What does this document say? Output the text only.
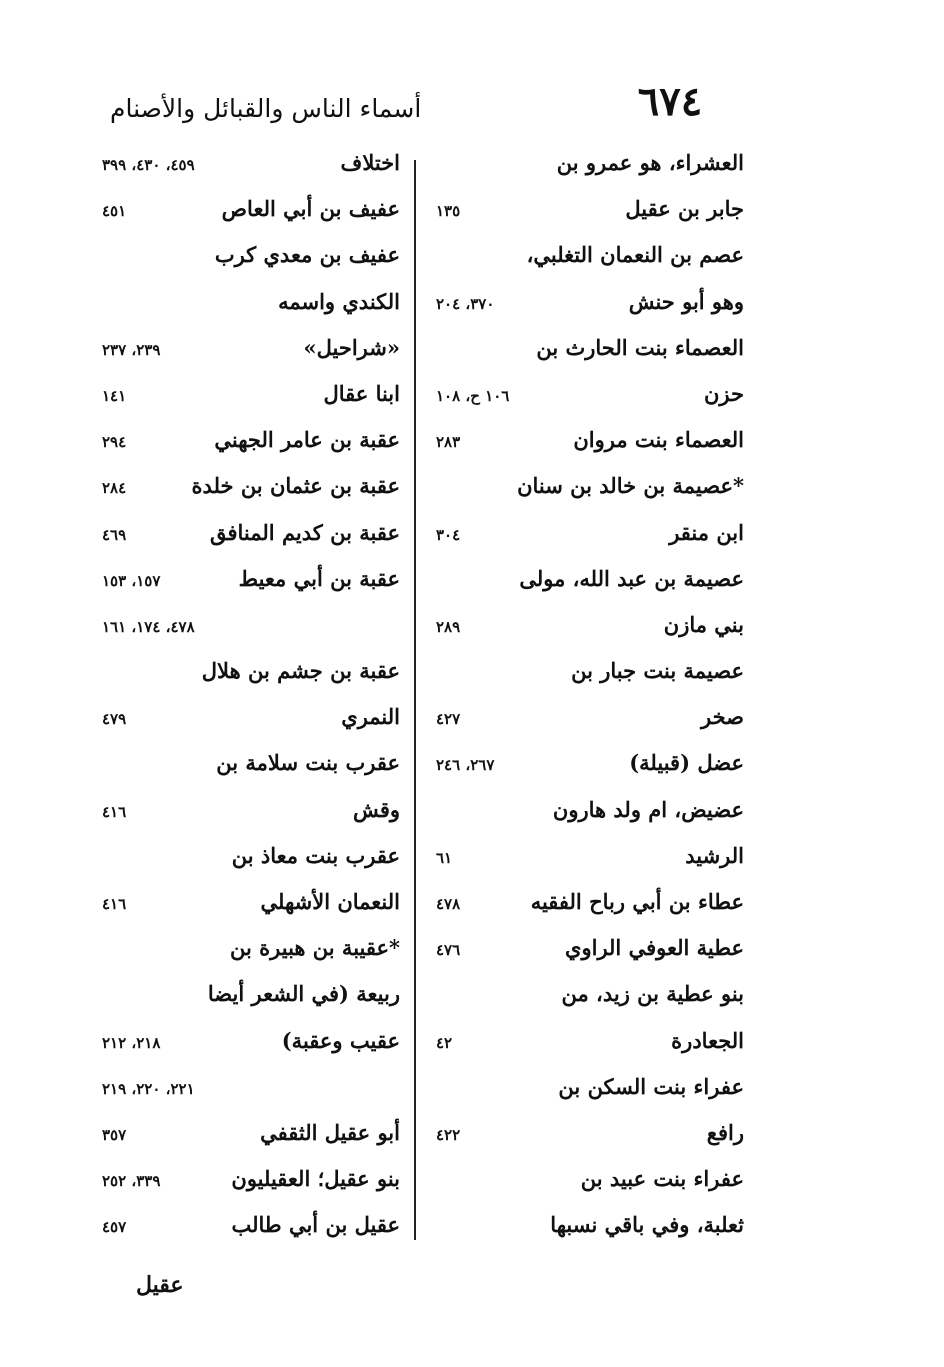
٦٧٤
أسماء الناس والقبائل والأصنام
العشراء، هو عمرو بن
جابر بن عقيل
١٣٥
عصم بن النعمان التغلبي،
وهو أبو حنش
٣٧٠، ٢٠٤
العصماء بنت الحارث بن
حزن
١٠٦ ح، ١٠٨
العصماء بنت مروان
٢٨٣
*عصيمة بن خالد بن سنان
ابن منقر
٣٠٤
عصيمة بن عبد الله، مولى
بني مازن
٢٨٩
عصيمة بنت جبار بن
صخر
٤٢٧
عضل (قبيلة)
٢٦٧، ٢٤٦
عضيض، ام ولد هارون
الرشيد
٦١
عطاء بن أبي رباح الفقيه
٤٧٨
عطية العوفي الراوي
٤٧٦
بنو عطية بن زيد، من
الجعادرة
٤٢
عفراء بنت السكن بن
رافع
٤٢٢
عفراء بنت عبيد بن
ثعلبة، وفي باقي نسبها
اختلاف
٤٥٩، ٤٣٠، ٣٩٩
عفيف بن أبي العاص
٤٥١
عفيف بن معدي كرب
الكندي واسمه
«شراحيل»
٢٣٩، ٢٣٧
ابنا عقال
١٤١
عقبة بن عامر الجهني
٢٩٤
عقبة بن عثمان بن خلدة
٢٨٤
عقبة بن كديم المنافق
٤٦٩
عقبة بن أبي معيط
١٥٧، ١٥٣
٤٧٨، ١٧٤، ١٦١
عقبة بن جشم بن هلال
النمري
٤٧٩
عقرب بنت سلامة بن
وقش
٤١٦
عقرب بنت معاذ بن
النعمان الأشهلي
٤١٦
*عقيبة بن هبيرة بن
ربيعة (في الشعر أيضا
عقيب وعقبة)
٢١٨، ٢١٢
٢٢١، ٢٢٠، ٢١٩
أبو عقيل الثقفي
٣٥٧
بنو عقيل؛ العقيليون
٣٣٩، ٢٥٢
عقيل بن أبي طالب
٤٥٧
عقيل
